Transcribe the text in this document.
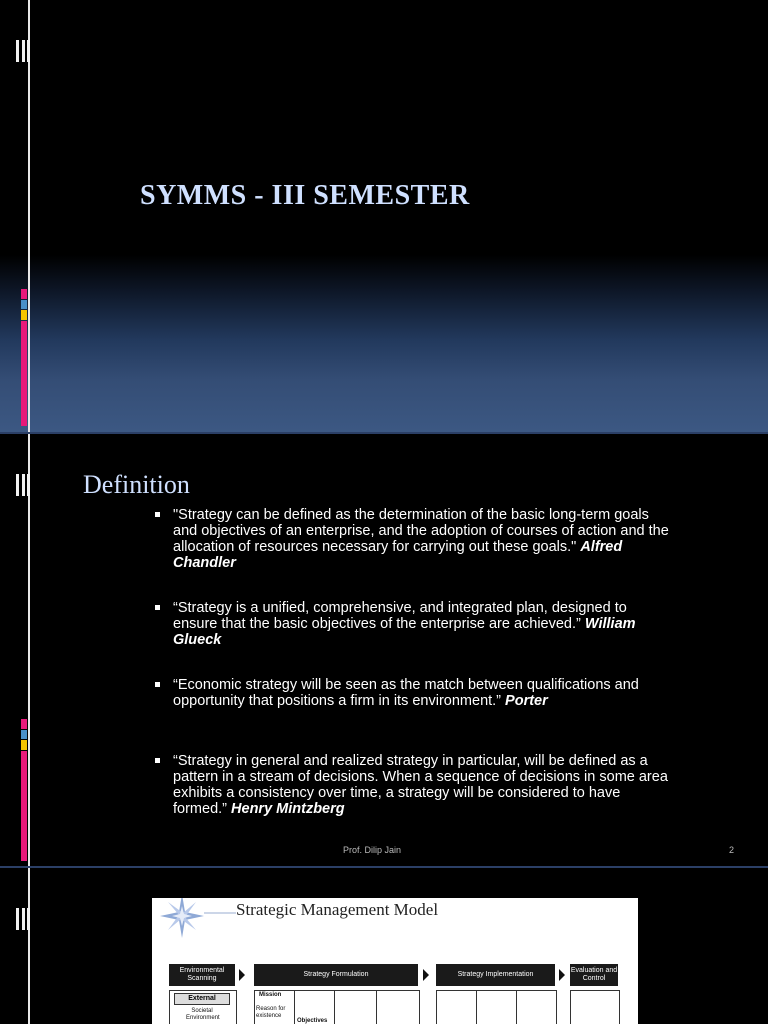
SYMMS - III SEMESTER
Definition
"Strategy can be defined as the determination of the basic long-term goals and objectives of an enterprise, and the adoption of courses of action and the allocation of resources necessary for carrying out these goals." Alfred Chandler
“Strategy is a unified, comprehensive, and integrated plan, designed to ensure that the basic objectives of the enterprise are achieved.” William Glueck
“Economic strategy will be seen as the match between qualifications and opportunity that positions a firm in its environment.” Porter
“Strategy in general and realized strategy in particular, will be defined as a pattern in a stream of decisions. When a sequence of decisions in some area exhibits a consistency over time, a strategy will be considered to have formed.” Henry Mintzberg
Prof. Dilip Jain	2
Strategic Management Model
Environmental Scanning
Strategy Formulation	Strategy Implementation
Evaluation and Control
External
Societal Environment
Mission
Reason for existence
Objectives
